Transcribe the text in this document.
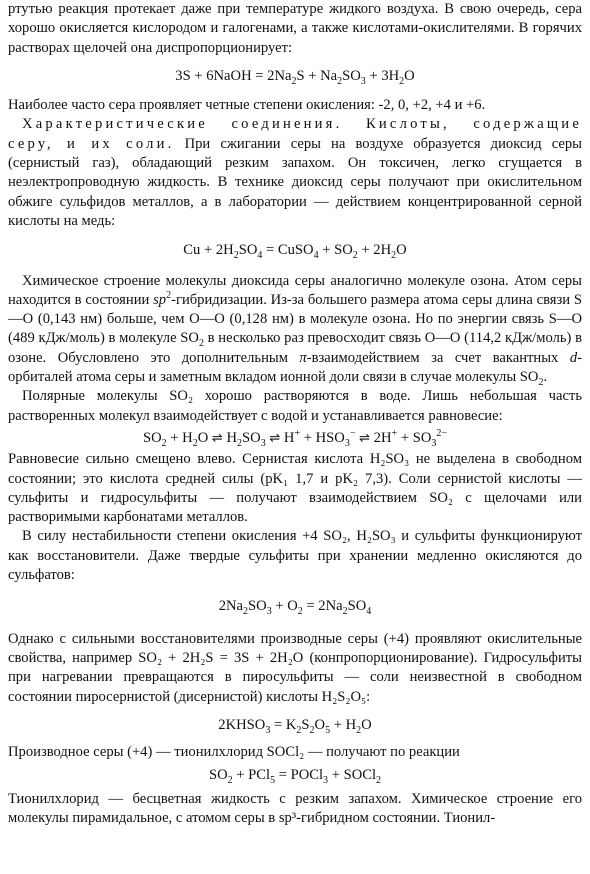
ртутью реакция протекает даже при температуре жидкого воздуха. В свою очередь, сера хорошо окисляется кислородом и галогенами, а также кислотами-окислителями. В горячих растворах щелочей она диспропорционирует:

3S + 6NaOH = $2Na_2S + Na_2SO_3 + 3H_2O$

Наиболее часто сера проявляет четные степени окисления: -2, 0, +2, +4 и +6.

Характеристические соединения. Кислоты, содержащие серу, и их соли. При сжигании серы на воздухе образуется диоксид серы (сернистый газ), обладающий резким запахом. Он токсичен, легко сгущается в неэлектропроводную жидкость. В технике диоксид серы получают при окислительном обжиге сульфидов металлов, а в лаборатории — действием концентрированной серной кислоты на медь:

$Cu + 2H_2SO_4$ = CuSO$_4$ + $SO_2 + 2H_2O$

Химическое строение молекулы диоксида серы аналогично молекуле озона. Атом серы находится в состоянии $sp^2$-гибридизации. Из-за большего размера атома серы длина связи S—O (0,143 нм) больше, чем O—O (0,128 нм) в молекуле озона. Но по энергии связь S—O (489 кДж/моль) в молекуле $SO_2$ в несколько раз превосходит связь O—O (114,2 кДж/моль) в озоне. Обусловлено это дополнительным π-взаимодействием за счет вакантных d-орбиталей атома серы и заметным вкладом ионной доли связи в случае молекулы $SO_2$.

Полярные молекулы SO₂ хорошо растворяются в воде. Лишь небольшая часть растворенных молекул взаимодействует с водой и устанавливается равновесие:

$SO_2 + H_2O$ ⇌ $H_2SO_3$ ⇌ $H^+ + HSO_3^-$ ⇌ $2H^+ + SO_3^{2-}$

Равновесие сильно смещено влево. Сернистая кислота H₂SO₃ не выделена в свободном состоянии; это кислота средней силы (pK₁ 1,7 и pK₂ 7,3). Соли сернистой кислоты — сульфиты и гидросульфиты — получают взаимодействием SO₂ с щелочами или растворимыми карбонатами металлов.

В силу нестабильности степени окисления +4 SO₂, H₂SO₃ и сульфиты функционируют как восстановители. Даже твердые сульфиты при хранении медленно окисляются до сульфатов:

$2Na_2SO_3 + O_2 = 2Na_2SO_4$

Однако с сильными восстановителями производные серы (+4) проявляют окислительные свойства, например SO₂ + 2H₂S = 3S + 2H₂O (конпропорционирование). Гидросульфиты при нагревании превращаются в пиросульфиты — соли неизвестной в свободном состоянии пиросернистой (дисернистой) кислоты H₂S₂O₅:

$2KHSO_3 = K_2S_2O_5 + H_2O$

Производное серы (+4) — тионилхлорид SOCl₂ — получают по реакции

$SO_2 + PCl_5$ = POCl$_3$ + SOCl$_2$

Тионилхлорид — бесцветная жидкость с резким запахом. Химическое строение его молекулы пирамидальное, с атомом серы в sp³-гибридном состоянии. Тионил-
